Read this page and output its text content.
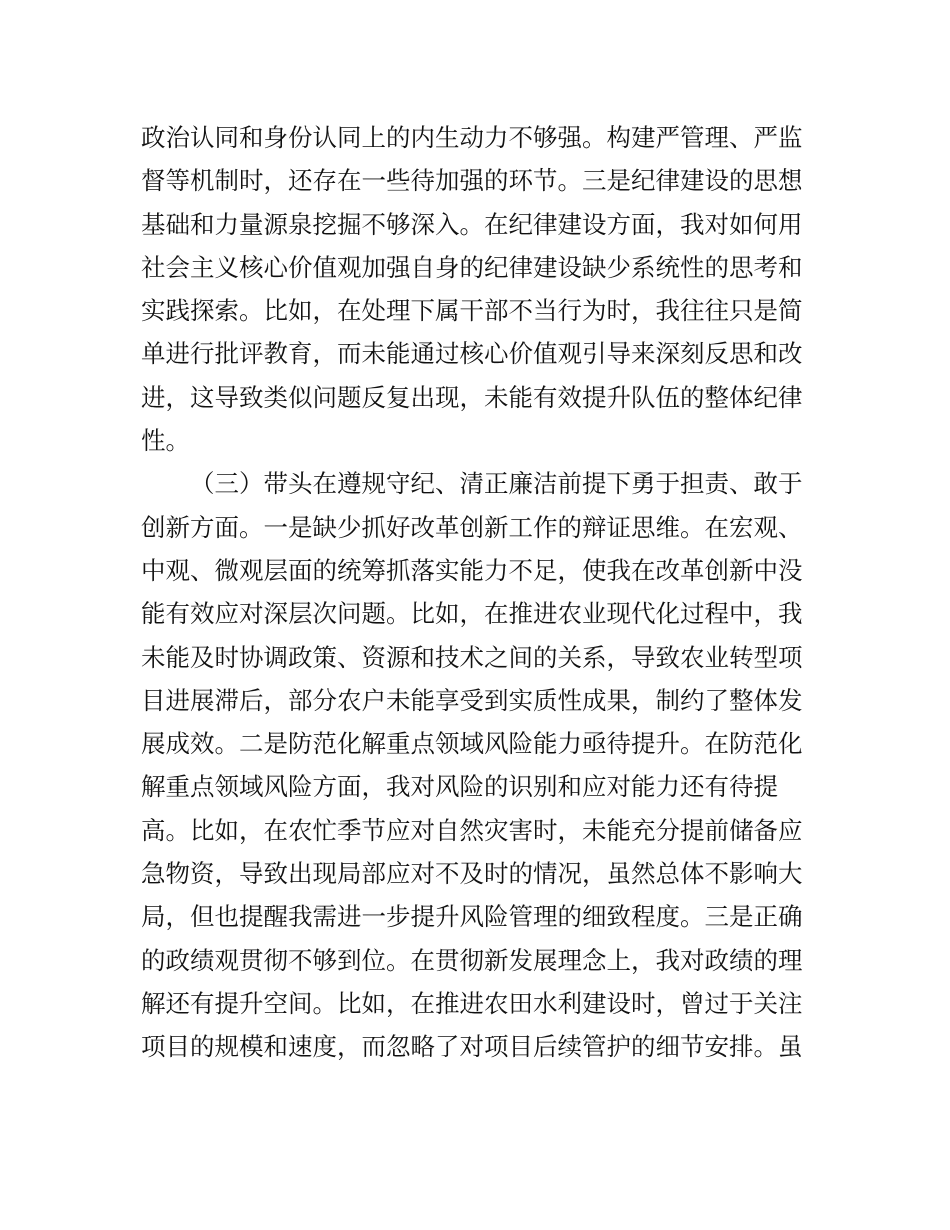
政治认同和身份认同上的内生动力不够强。构建严管理、严监
督等机制时，还存在一些待加强的环节。三是纪律建设的思想
基础和力量源泉挖掘不够深入。在纪律建设方面，我对如何用
社会主义核心价值观加强自身的纪律建设缺少系统性的思考和
实践探索。比如，在处理下属干部不当行为时，我往往只是简
单进行批评教育，而未能通过核心价值观引导来深刻反思和改
进，这导致类似问题反复出现，未能有效提升队伍的整体纪律
性。
（三）带头在遵规守纪、清正廉洁前提下勇于担责、敢于
创新方面。一是缺少抓好改革创新工作的辩证思维。在宏观、
中观、微观层面的统筹抓落实能力不足，使我在改革创新中没
能有效应对深层次问题。比如，在推进农业现代化过程中，我
未能及时协调政策、资源和技术之间的关系，导致农业转型项
目进展滞后，部分农户未能享受到实质性成果，制约了整体发
展成效。二是防范化解重点领域风险能力亟待提升。在防范化
解重点领域风险方面，我对风险的识别和应对能力还有待提
高。比如，在农忙季节应对自然灾害时，未能充分提前储备应
急物资，导致出现局部应对不及时的情况，虽然总体不影响大
局，但也提醒我需进一步提升风险管理的细致程度。三是正确
的政绩观贯彻不够到位。在贯彻新发展理念上，我对政绩的理
解还有提升空间。比如，在推进农田水利建设时，曾过于关注
项目的规模和速度，而忽略了对项目后续管护的细节安排。虽
